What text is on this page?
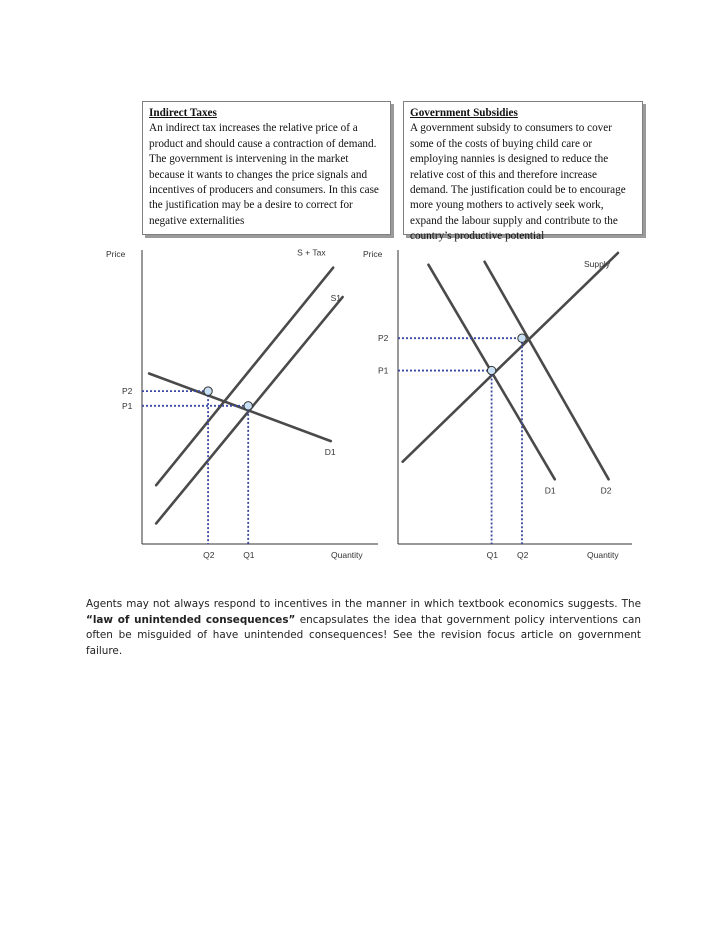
Indirect Taxes
An indirect tax increases the relative price of a product and should cause a contraction of demand. The government is intervening in the market because it wants to changes the price signals and incentives of producers and consumers. In this case the justification may be a desire to correct for negative externalities
Government Subsidies
A government subsidy to consumers to cover some of the costs of buying child care or employing nannies is designed to reduce the relative cost of this and therefore increase demand. The justification could be to encourage more young mothers to actively seek work, expand the labour supply and contribute to the country’s productive potential
Price
Quantity
S + Tax
S1
D1
P2
P1
Q2	Q1
Price
Quantity
Supply
D1	D2
P2
P1
Q1 Q2

Agents may not always respond to incentives in the manner in which textbook economics suggests. The “law of unintended consequences” encapsulates the idea that government policy interventions can often be misguided of have unintended consequences! See the revision focus article on government failure.
